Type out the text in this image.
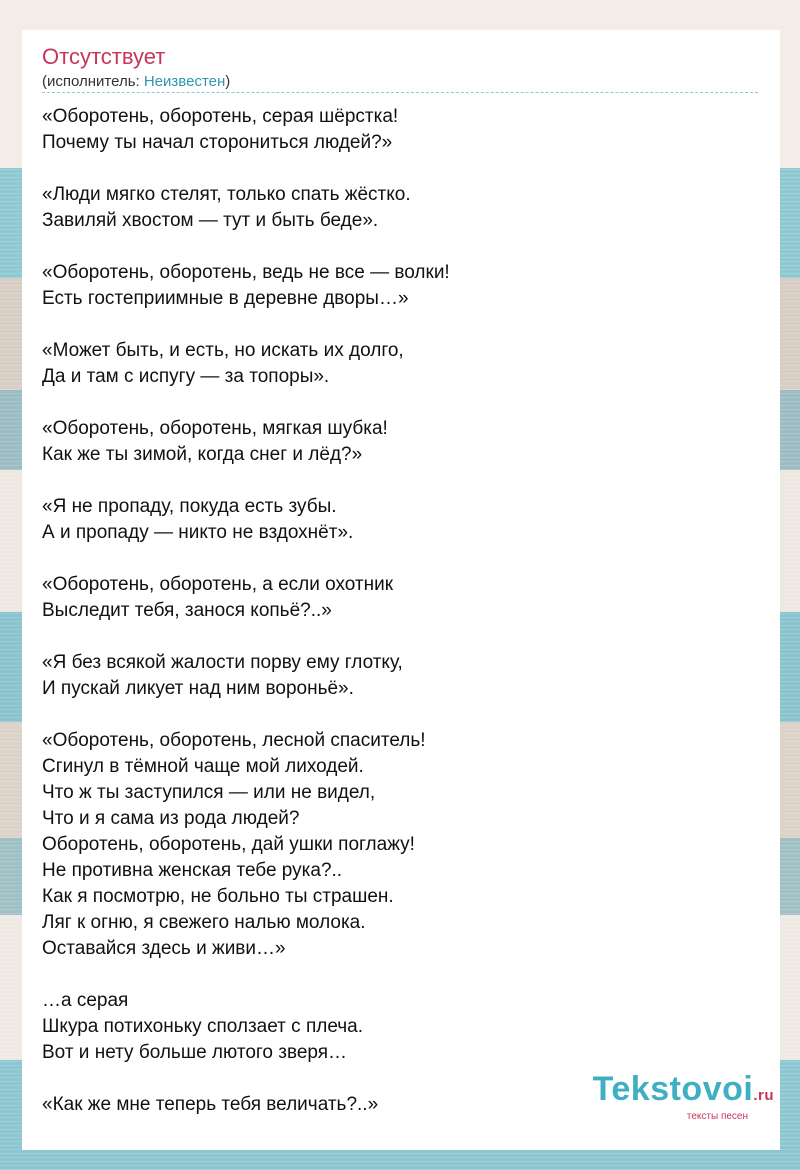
Отсутствует
(исполнитель: Неизвестен)
«Оборотень, оборотень, серая шёрстка!
Почему ты начал сторониться людей?»
«Люди мягко стелят, только спать жёстко.
Завиляй хвостом — тут и быть беде».
«Оборотень, оборотень, ведь не все — волки!
Есть гостеприимные в деревне дворы…»
«Может быть, и есть, но искать их долго,
Да и там с испугу — за топоры».
«Оборотень, оборотень, мягкая шубка!
Как же ты зимой, когда снег и лёд?»
«Я не пропаду, покуда есть зубы.
А и пропаду — никто не вздохнёт».
«Оборотень, оборотень, а если охотник
Выследит тебя, занося копьё?..»
«Я без всякой жалости порву ему глотку,
И пускай ликует над ним вороньё».
«Оборотень, оборотень, лесной спаситель!
Сгинул в тёмной чаще мой лиходей.
Что ж ты заступился — или не видел,
Что и я сама из рода людей?
Оборотень, оборотень, дай ушки поглажу!
Не противна женская тебе рука?..
Как я посмотрю, не больно ты страшен.
Ляг к огню, я свежего налью молока.
Оставайся здесь и живи…»
…а серая
Шкура потихоньку сползает с плеча.
Вот и нету больше лютого зверя…
«Как же мне теперь тебя величать?..»	Tekstovoi.ru
тексты песен
